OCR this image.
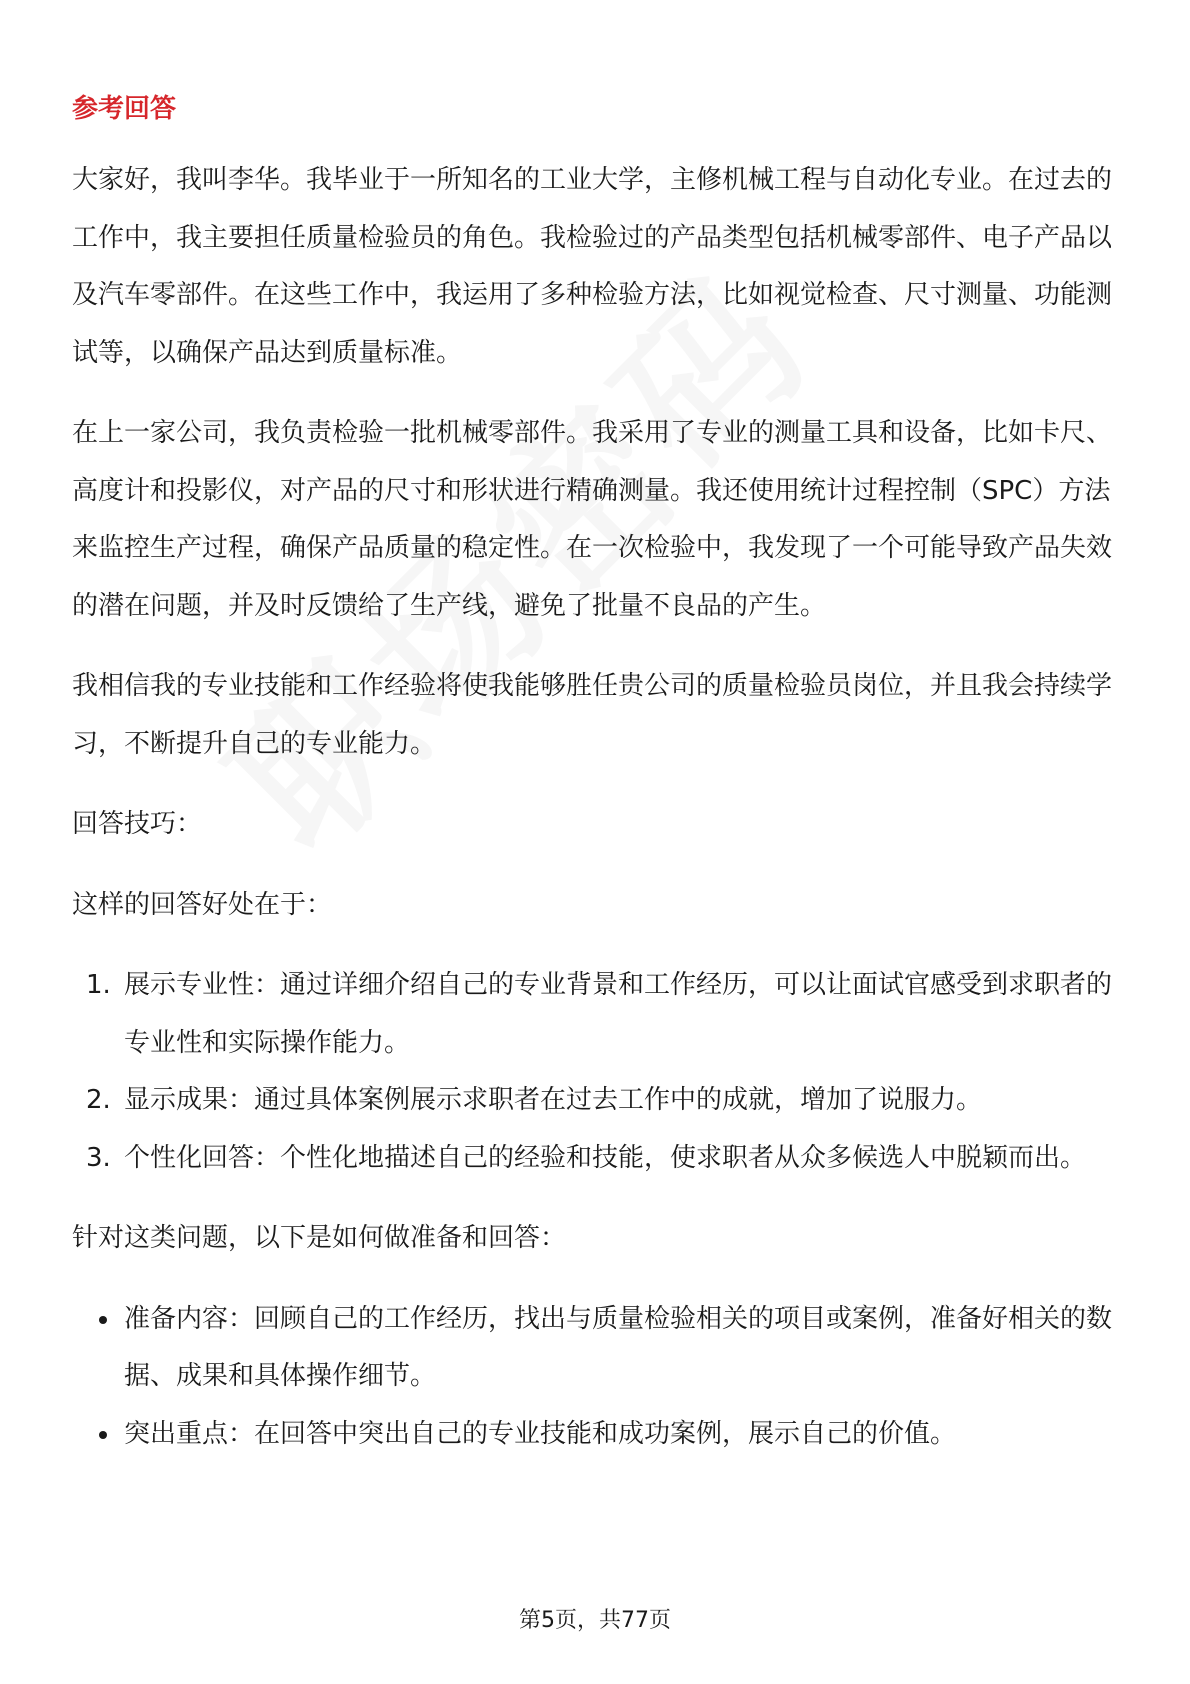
参考回答

大家好，我叫李华。我毕业于一所知名的工业大学，主修机械工程与自动化专业。在过去的工作中，我主要担任质量检验员的角色。我检验过的产品类型包括机械零部件、电子产品以及汽车零部件。在这些工作中，我运用了多种检验方法，比如视觉检查、尺寸测量、功能测试等，以确保产品达到质量标准。

在上一家公司，我负责检验一批机械零部件。我采用了专业的测量工具和设备，比如卡尺、高度计和投影仪，对产品的尺寸和形状进行精确测量。我还使用统计过程控制（SPC）方法来监控生产过程，确保产品质量的稳定性。在一次检验中，我发现了一个可能导致产品失效的潜在问题，并及时反馈给了生产线，避免了批量不良品的产生。

我相信我的专业技能和工作经验将使我能够胜任贵公司的质量检验员岗位，并且我会持续学习，不断提升自己的专业能力。

回答技巧：

这样的回答好处在于：

1. 展示专业性：通过详细介绍自己的专业背景和工作经历，可以让面试官感受到求职者的专业性和实际操作能力。
2. 显示成果：通过具体案例展示求职者在过去工作中的成就，增加了说服力。
3. 个性化回答：个性化地描述自己的经验和技能，使求职者从众多候选人中脱颖而出。

针对这类问题，以下是如何做准备和回答：

准备内容：回顾自己的工作经历，找出与质量检验相关的项目或案例，准备好相关的数据、成果和具体操作细节。
突出重点：在回答中突出自己的专业技能和成功案例，展示自己的价值。
第5页，共77页
